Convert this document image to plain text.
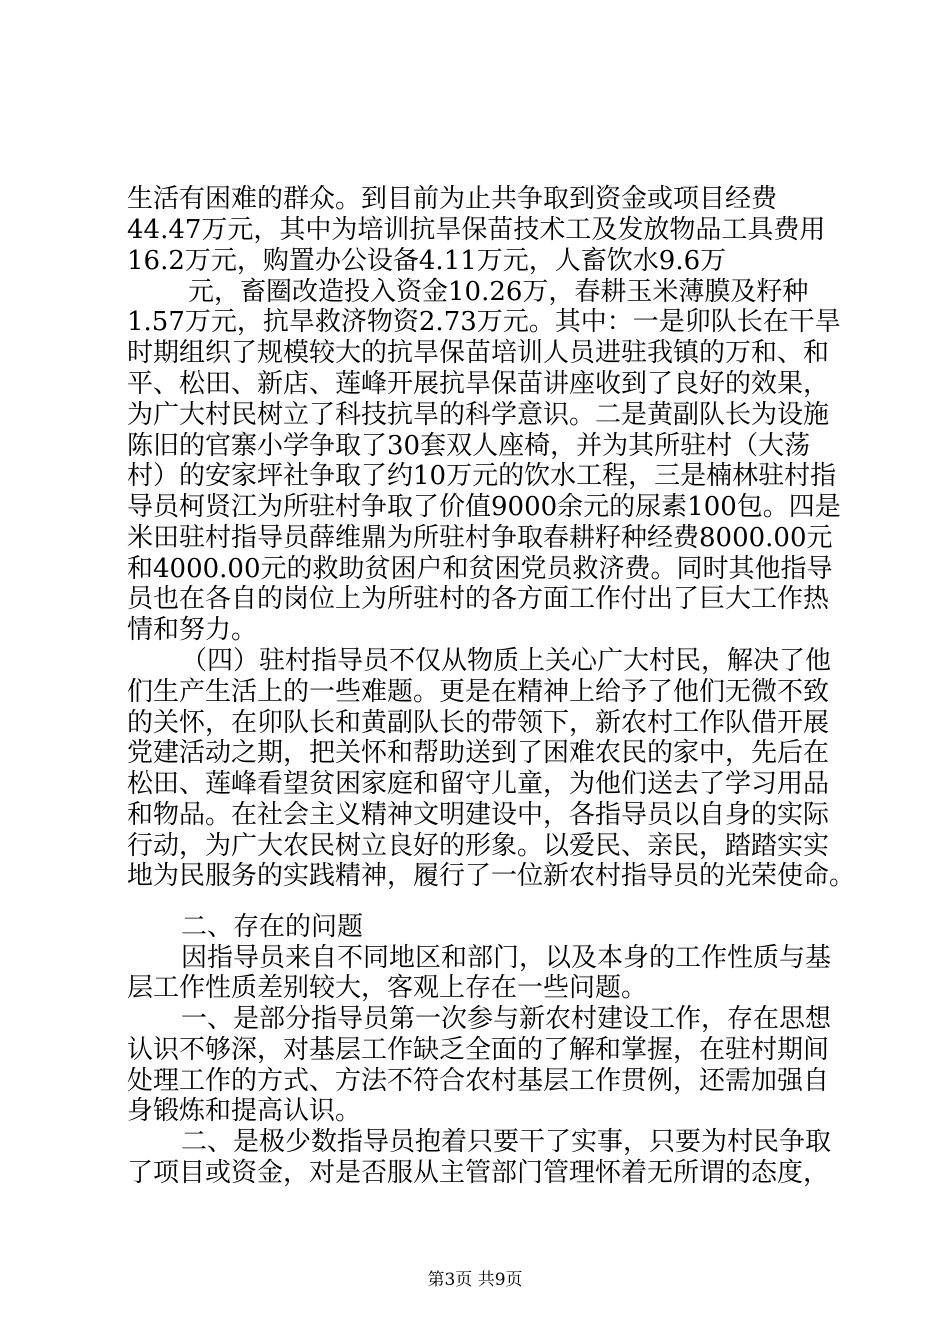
生活有困难的群众。到目前为止共争取到资金或项目经费
44.47万元，其中为培训抗旱保苗技术工及发放物品工具费用
16.2万元，购置办公设备4.11万元，人畜饮水9.6万
元，畜圈改造投入资金10.26万，春耕玉米薄膜及籽种
1.57万元，抗旱救济物资2.73万元。其中：一是卯队长在干旱
时期组织了规模较大的抗旱保苗培训人员进驻我镇的万和、和
平、松田、新店、莲峰开展抗旱保苗讲座收到了良好的效果，
为广大村民树立了科技抗旱的科学意识。二是黄副队长为设施
陈旧的官寨小学争取了30套双人座椅，并为其所驻村（大荡
村）的安家坪社争取了约10万元的饮水工程，三是楠林驻村指
导员柯贤江为所驻村争取了价值9000余元的尿素100包。四是
米田驻村指导员薛维鼎为所驻村争取春耕籽种经费8000.00元
和4000.00元的救助贫困户和贫困党员救济费。同时其他指导
员也在各自的岗位上为所驻村的各方面工作付出了巨大工作热
情和努力。
（四）驻村指导员不仅从物质上关心广大村民，解决了他
们生产生活上的一些难题。更是在精神上给予了他们无微不致
的关怀，在卯队长和黄副队长的带领下，新农村工作队借开展
党建活动之期，把关怀和帮助送到了困难农民的家中，先后在
松田、莲峰看望贫困家庭和留守儿童，为他们送去了学习用品
和物品。在社会主义精神文明建设中，各指导员以自身的实际
行动，为广大农民树立良好的形象。以爱民、亲民，踏踏实实
地为民服务的实践精神，履行了一位新农村指导员的光荣使命。
二、存在的问题
因指导员来自不同地区和部门，以及本身的工作性质与基
层工作性质差别较大，客观上存在一些问题。
一、是部分指导员第一次参与新农村建设工作，存在思想
认识不够深，对基层工作缺乏全面的了解和掌握，在驻村期间
处理工作的方式、方法不符合农村基层工作贯例，还需加强自
身锻炼和提高认识。
二、是极少数指导员抱着只要干了实事，只要为村民争取
了项目或资金，对是否服从主管部门管理怀着无所谓的态度，
第3页 共9页
